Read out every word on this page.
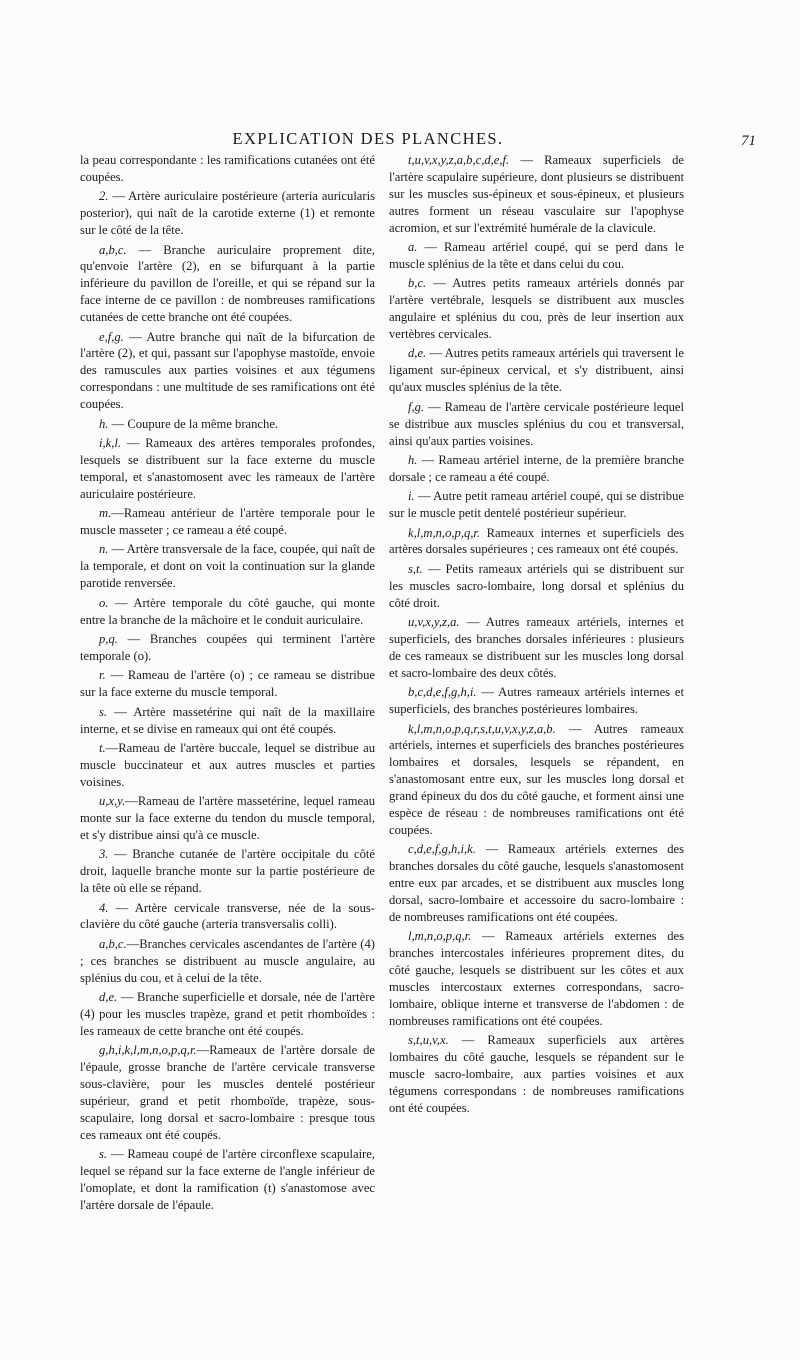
EXPLICATION DES PLANCHES.	71

la peau correspondante : les ramifications cutanées ont été coupées.

2. — Artère auriculaire postérieure (arteria auricularis posterior), qui naît de la carotide externe (1) et remonte sur le côté de la tête.

a,b,c. — Branche auriculaire proprement dite, qu'envoie l'artère (2), en se bifurquant à la partie inférieure du pavillon de l'oreille, et qui se répand sur la face interne de ce pavillon : de nombreuses ramifications cutanées de cette branche ont été coupées.

e,f,g. — Autre branche qui naît de la bifurcation de l'artère (2), et qui, passant sur l'apophyse mastoïde, envoie des ramuscules aux parties voisines et aux tégumens correspondans : une multitude de ses ramifications ont été coupées.

h. — Coupure de la même branche.

i,k,l. — Rameaux des artères temporales profondes, lesquels se distribuent sur la face externe du muscle temporal, et s'anastomosent avec les rameaux de l'artère auriculaire postérieure.

m.—Rameau antérieur de l'artère temporale pour le muscle masseter ; ce rameau a été coupé.

n. — Artère transversale de la face, coupée, qui naît de la temporale, et dont on voit la continuation sur la glande parotide renversée.

o. — Artère temporale du côté gauche, qui monte entre la branche de la mâchoire et le conduit auriculaire.

p,q. — Branches coupées qui terminent l'artère temporale (o).

r. — Rameau de l'artère (o) ; ce rameau se distribue sur la face externe du muscle temporal.

s. — Artère massetérine qui naît de la maxillaire interne, et se divise en rameaux qui ont été coupés.

t.—Rameau de l'artère buccale, lequel se distribue au muscle buccinateur et aux autres muscles et parties voisines.

u,x,y.—Rameau de l'artère massetérine, lequel rameau monte sur la face externe du tendon du muscle temporal, et s'y distribue ainsi qu'à ce muscle.

3. — Branche cutanée de l'artère occipitale du côté droit, laquelle branche monte sur la partie postérieure de la tête où elle se répand.

4. — Artère cervicale transverse, née de la sous-clavière du côté gauche (arteria transversalis colli).

a,b,c.—Branches cervicales ascendantes de l'artère (4) ; ces branches se distribuent au muscle angulaire, au splénius du cou, et à celui de la tête.

d,e. — Branche superficielle et dorsale, née de l'artère (4) pour les muscles trapèze, grand et petit rhomboïdes : les rameaux de cette branche ont été coupés.

g,h,i,k,l,m,n,o,p,q,r.—Rameaux de l'artère dorsale de l'épaule, grosse branche de l'artère cervicale transverse sous-clavière, pour les muscles dentelé postérieur supérieur, grand et petit rhomboïde, trapèze, sous-scapulaire, long dorsal et sacro-lombaire : presque tous ces rameaux ont été coupés.

s. — Rameau coupé de l'artère circonflexe scapulaire, lequel se répand sur la face externe de l'angle inférieur de l'omoplate, et dont la ramification (t) s'anastomose avec l'artère dorsale de l'épaule.

t,u,v,x,y,z,a,b,c,d,e,f. — Rameaux superficiels de l'artère scapulaire supérieure, dont plusieurs se distribuent sur les muscles sus-épineux et sous-épineux, et plusieurs autres forment un réseau vasculaire sur l'apophyse acromion, et sur l'extrémité humérale de la clavicule.

a. — Rameau artériel coupé, qui se perd dans le muscle splénius de la tête et dans celui du cou.

b,c. — Autres petits rameaux artériels donnés par l'artère vertébrale, lesquels se distribuent aux muscles angulaire et splénius du cou, près de leur insertion aux vertèbres cervicales.

d,e. — Autres petits rameaux artériels qui traversent le ligament sur-épineux cervical, et s'y distribuent, ainsi qu'aux muscles splénius de la tête.

f,g. — Rameau de l'artère cervicale postérieure lequel se distribue aux muscles splénius du cou et transversal, ainsi qu'aux parties voisines.

h. — Rameau artériel interne, de la première branche dorsale ; ce rameau a été coupé.

i. — Autre petit rameau artériel coupé, qui se distribue sur le muscle petit dentelé postérieur supérieur.

k,l,m,n,o,p,q,r. Rameaux internes et superficiels des artères dorsales supérieures ; ces rameaux ont été coupés.

s,t. — Petits rameaux artériels qui se distribuent sur les muscles sacro-lombaire, long dorsal et splénius du côté droit.

u,v,x,y,z,a. — Autres rameaux artériels, internes et superficiels, des branches dorsales inférieures : plusieurs de ces rameaux se distribuent sur les muscles long dorsal et sacro-lombaire des deux côtés.

b,c,d,e,f,g,h,i. — Autres rameaux artériels internes et superficiels, des branches postérieures lombaires.

k,l,m,n,o,p,q,r,s,t,u,v,x,y,z,a,b. — Autres rameaux artériels, internes et superficiels des branches postérieures lombaires et dorsales, lesquels se répandent, en s'anastomosant entre eux, sur les muscles long dorsal et grand épineux du dos du côté gauche, et forment ainsi une espèce de réseau : de nombreuses ramifications ont été coupées.

c,d,e,f,g,h,i,k. — Rameaux artériels externes des branches dorsales du côté gauche, lesquels s'anastomosent entre eux par arcades, et se distribuent aux muscles long dorsal, sacro-lombaire et accessoire du sacro-lombaire : de nombreuses ramifications ont été coupées.

l,m,n,o,p,q,r. — Rameaux artériels externes des branches intercostales inférieures proprement dites, du côté gauche, lesquels se distribuent sur les côtes et aux muscles intercostaux externes correspondans, sacro-lombaire, oblique interne et transverse de l'abdomen : de nombreuses ramifications ont été coupées.

s,t,u,v,x. — Rameaux superficiels aux artères lombaires du côté gauche, lesquels se répandent sur le muscle sacro-lombaire, aux parties voisines et aux tégumens correspondans : de nombreuses ramifications ont été coupées.
